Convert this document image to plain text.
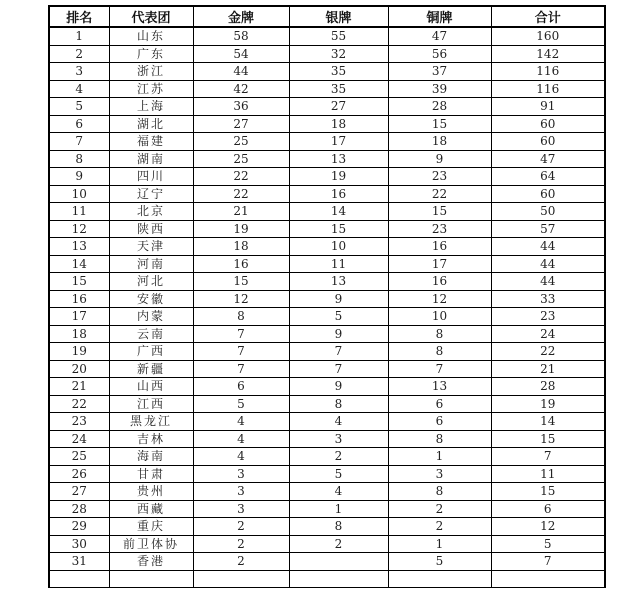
排名	代表团	金牌	银牌	铜牌	合计
1	山东	58	55	47	160
2	广东	54	32	56	142
3	浙江	44	35	37	116
4	江苏	42	35	39	116
5	上海	36	27	28	91
6	湖北	27	18	15	60
7	福建	25	17	18	60
8	湖南	25	13	9	47
9	四川	22	19	23	64
10	辽宁	22	16	22	60
11	北京	21	14	15	50
12	陕西	19	15	23	57
13	天津	18	10	16	44
14	河南	16	11	17	44
15	河北	15	13	16	44
16	安徽	12	9	12	33
17	内蒙	8	5	10	23
18	云南	7	9	8	24
19	广西	7	7	8	22
20	新疆	7	7	7	21
21	山西	6	9	13	28
22	江西	5	8	6	19
23	黑龙江	4	4	6	14
24	吉林	4	3	8	15
25	海南	4	2	1	7
26	甘肃	3	5	3	11
27	贵州	3	4	8	15
28	西藏	3	1	2	6
29	重庆	2	8	2	12
30	前卫体协	2	2	1	5
31	香港	2		5	7
